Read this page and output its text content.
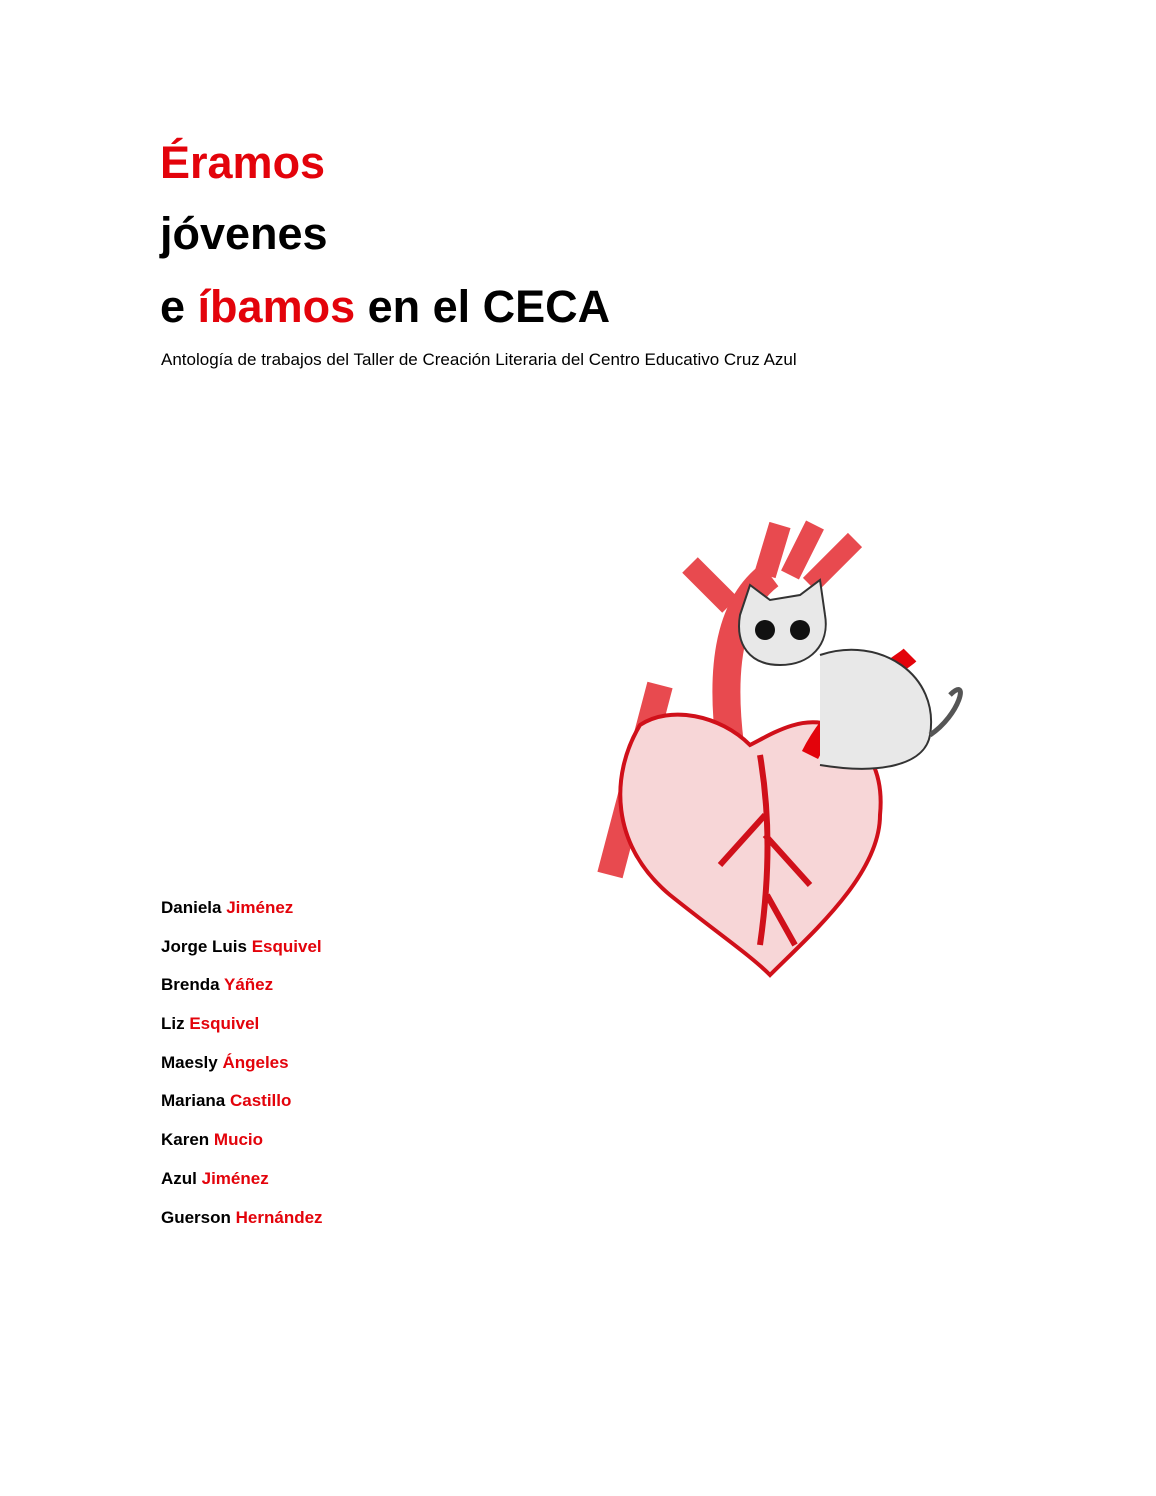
Éramos
jóvenes
e íbamos en el CECA
Antología de trabajos del Taller de Creación Literaria del Centro Educativo Cruz Azul
Daniela Jiménez
Jorge Luis Esquivel
Brenda Yáñez
Liz Esquivel
Maesly Ángeles
Mariana Castillo
Karen Mucio
Azul Jiménez
Guerson Hernández
